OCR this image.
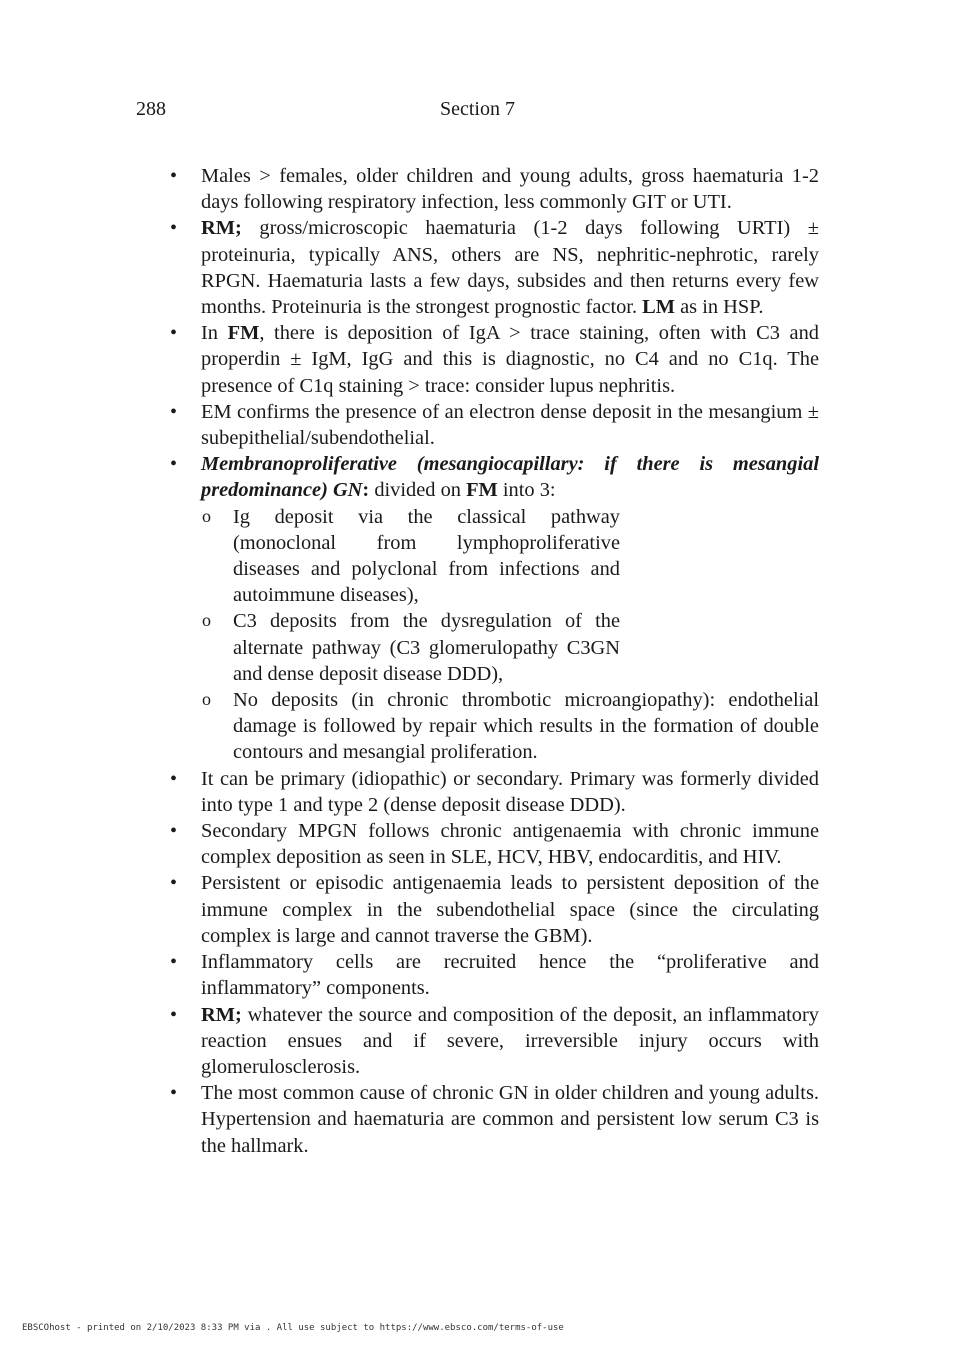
288	Section 7
• Males > females, older children and young adults, gross haematuria 1-2 days following respiratory infection, less commonly GIT or UTI.
• RM; gross/microscopic haematuria (1-2 days following URTI) ± proteinuria, typically ANS, others are NS, nephritic-nephrotic, rarely RPGN. Haematuria lasts a few days, subsides and then returns every few months. Proteinuria is the strongest prognostic factor. LM as in HSP.
• In FM, there is deposition of IgA > trace staining, often with C3 and properdin ± IgM, IgG and this is diagnostic, no C4 and no C1q. The presence of C1q staining > trace: consider lupus nephritis.
• EM confirms the presence of an electron dense deposit in the mesangium ± subepithelial/subendothelial.
• Membranoproliferative (mesangiocapillary: if there is mesangial predominance) GN: divided on FM into 3:
o Ig deposit via the classical pathway (monoclonal from lymphoproliferative diseases and polyclonal from infections and autoimmune diseases),
o C3 deposits from the dysregulation of the alternate pathway (C3 glomerulopathy C3GN and dense deposit disease DDD),
o No deposits (in chronic thrombotic microangiopathy): endothelial damage is followed by repair which results in the formation of double contours and mesangial proliferation.
• It can be primary (idiopathic) or secondary. Primary was formerly divided into type 1 and type 2 (dense deposit disease DDD).
• Secondary MPGN follows chronic antigenaemia with chronic immune complex deposition as seen in SLE, HCV, HBV, endocarditis, and HIV.
• Persistent or episodic antigenaemia leads to persistent deposition of the immune complex in the subendothelial space (since the circulating complex is large and cannot traverse the GBM).
• Inflammatory cells are recruited hence the “proliferative and inflammatory” components.
• RM; whatever the source and composition of the deposit, an inflammatory reaction ensues and if severe, irreversible injury occurs with glomerulosclerosis.
• The most common cause of chronic GN in older children and young adults. Hypertension and haematuria are common and persistent low serum C3 is the hallmark.
EBSCOhost - printed on 2/10/2023 8:33 PM via . All use subject to https://www.ebsco.com/terms-of-use
